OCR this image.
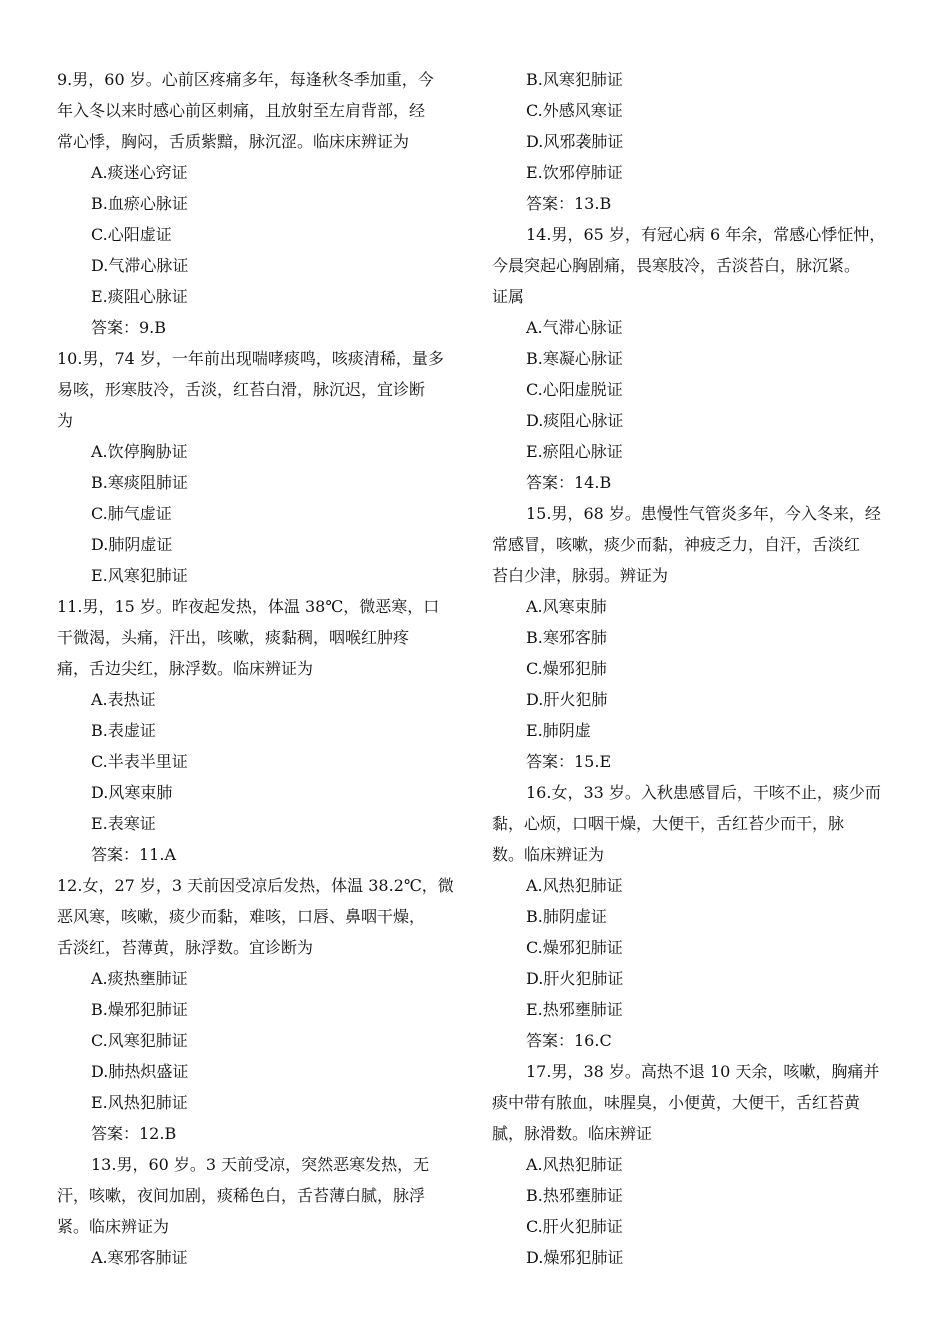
9.男，60 岁。心前区疼痛多年，每逢秋冬季加重，今
年入冬以来时感心前区刺痛，且放射至左肩背部，经
常心悸，胸闷，舌质紫黯，脉沉涩。临床床辨证为
A.痰迷心窍证
B.血瘀心脉证
C.心阳虚证
D.气滞心脉证
E.痰阻心脉证
答案：9.B
10.男，74 岁，一年前出现喘哮痰鸣，咳痰清稀，量多
易咳，形寒肢冷，舌淡，红苔白滑，脉沉迟，宜诊断
为
A.饮停胸胁证
B.寒痰阻肺证
C.肺气虚证
D.肺阴虚证
E.风寒犯肺证
11.男，15 岁。昨夜起发热，体温 38℃，微恶寒，口
干微渴，头痛，汗出，咳嗽，痰黏稠，咽喉红肿疼
痛，舌边尖红，脉浮数。临床辨证为
A.表热证
B.表虚证
C.半表半里证
D.风寒束肺
E.表寒证
答案：11.A
12.女，27 岁，3 天前因受凉后发热，体温 38.2℃，微
恶风寒，咳嗽，痰少而黏，难咳，口唇、鼻咽干燥，
舌淡红，苔薄黄，脉浮数。宜诊断为
A.痰热壅肺证
B.燥邪犯肺证
C.风寒犯肺证
D.肺热炽盛证
E.风热犯肺证
答案：12.B
13.男，60 岁。3 天前受凉，突然恶寒发热，无
汗，咳嗽，夜间加剧，痰稀色白，舌苔薄白腻，脉浮
紧。临床辨证为
A.寒邪客肺证
B.风寒犯肺证
C.外感风寒证
D.风邪袭肺证
E.饮邪停肺证
答案：13.B
14.男，65 岁，有冠心病 6 年余，常感心悸怔忡，
今晨突起心胸剧痛，畏寒肢冷，舌淡苔白，脉沉紧。
证属
A.气滞心脉证
B.寒凝心脉证
C.心阳虚脱证
D.痰阻心脉证
E.瘀阻心脉证
答案：14.B
15.男，68 岁。患慢性气管炎多年，今入冬来，经
常感冒，咳嗽，痰少而黏，神疲乏力，自汗，舌淡红
苔白少津，脉弱。辨证为
A.风寒束肺
B.寒邪客肺
C.燥邪犯肺
D.肝火犯肺
E.肺阴虚
答案：15.E
16.女，33 岁。入秋患感冒后，干咳不止，痰少而
黏，心烦，口咽干燥，大便干，舌红苔少而干，脉
数。临床辨证为
A.风热犯肺证
B.肺阴虚证
C.燥邪犯肺证
D.肝火犯肺证
E.热邪壅肺证
答案：16.C
17.男，38 岁。高热不退 10 天余，咳嗽，胸痛并
痰中带有脓血，味腥臭，小便黄，大便干，舌红苔黄
腻，脉滑数。临床辨证
A.风热犯肺证
B.热邪壅肺证
C.肝火犯肺证
D.燥邪犯肺证
